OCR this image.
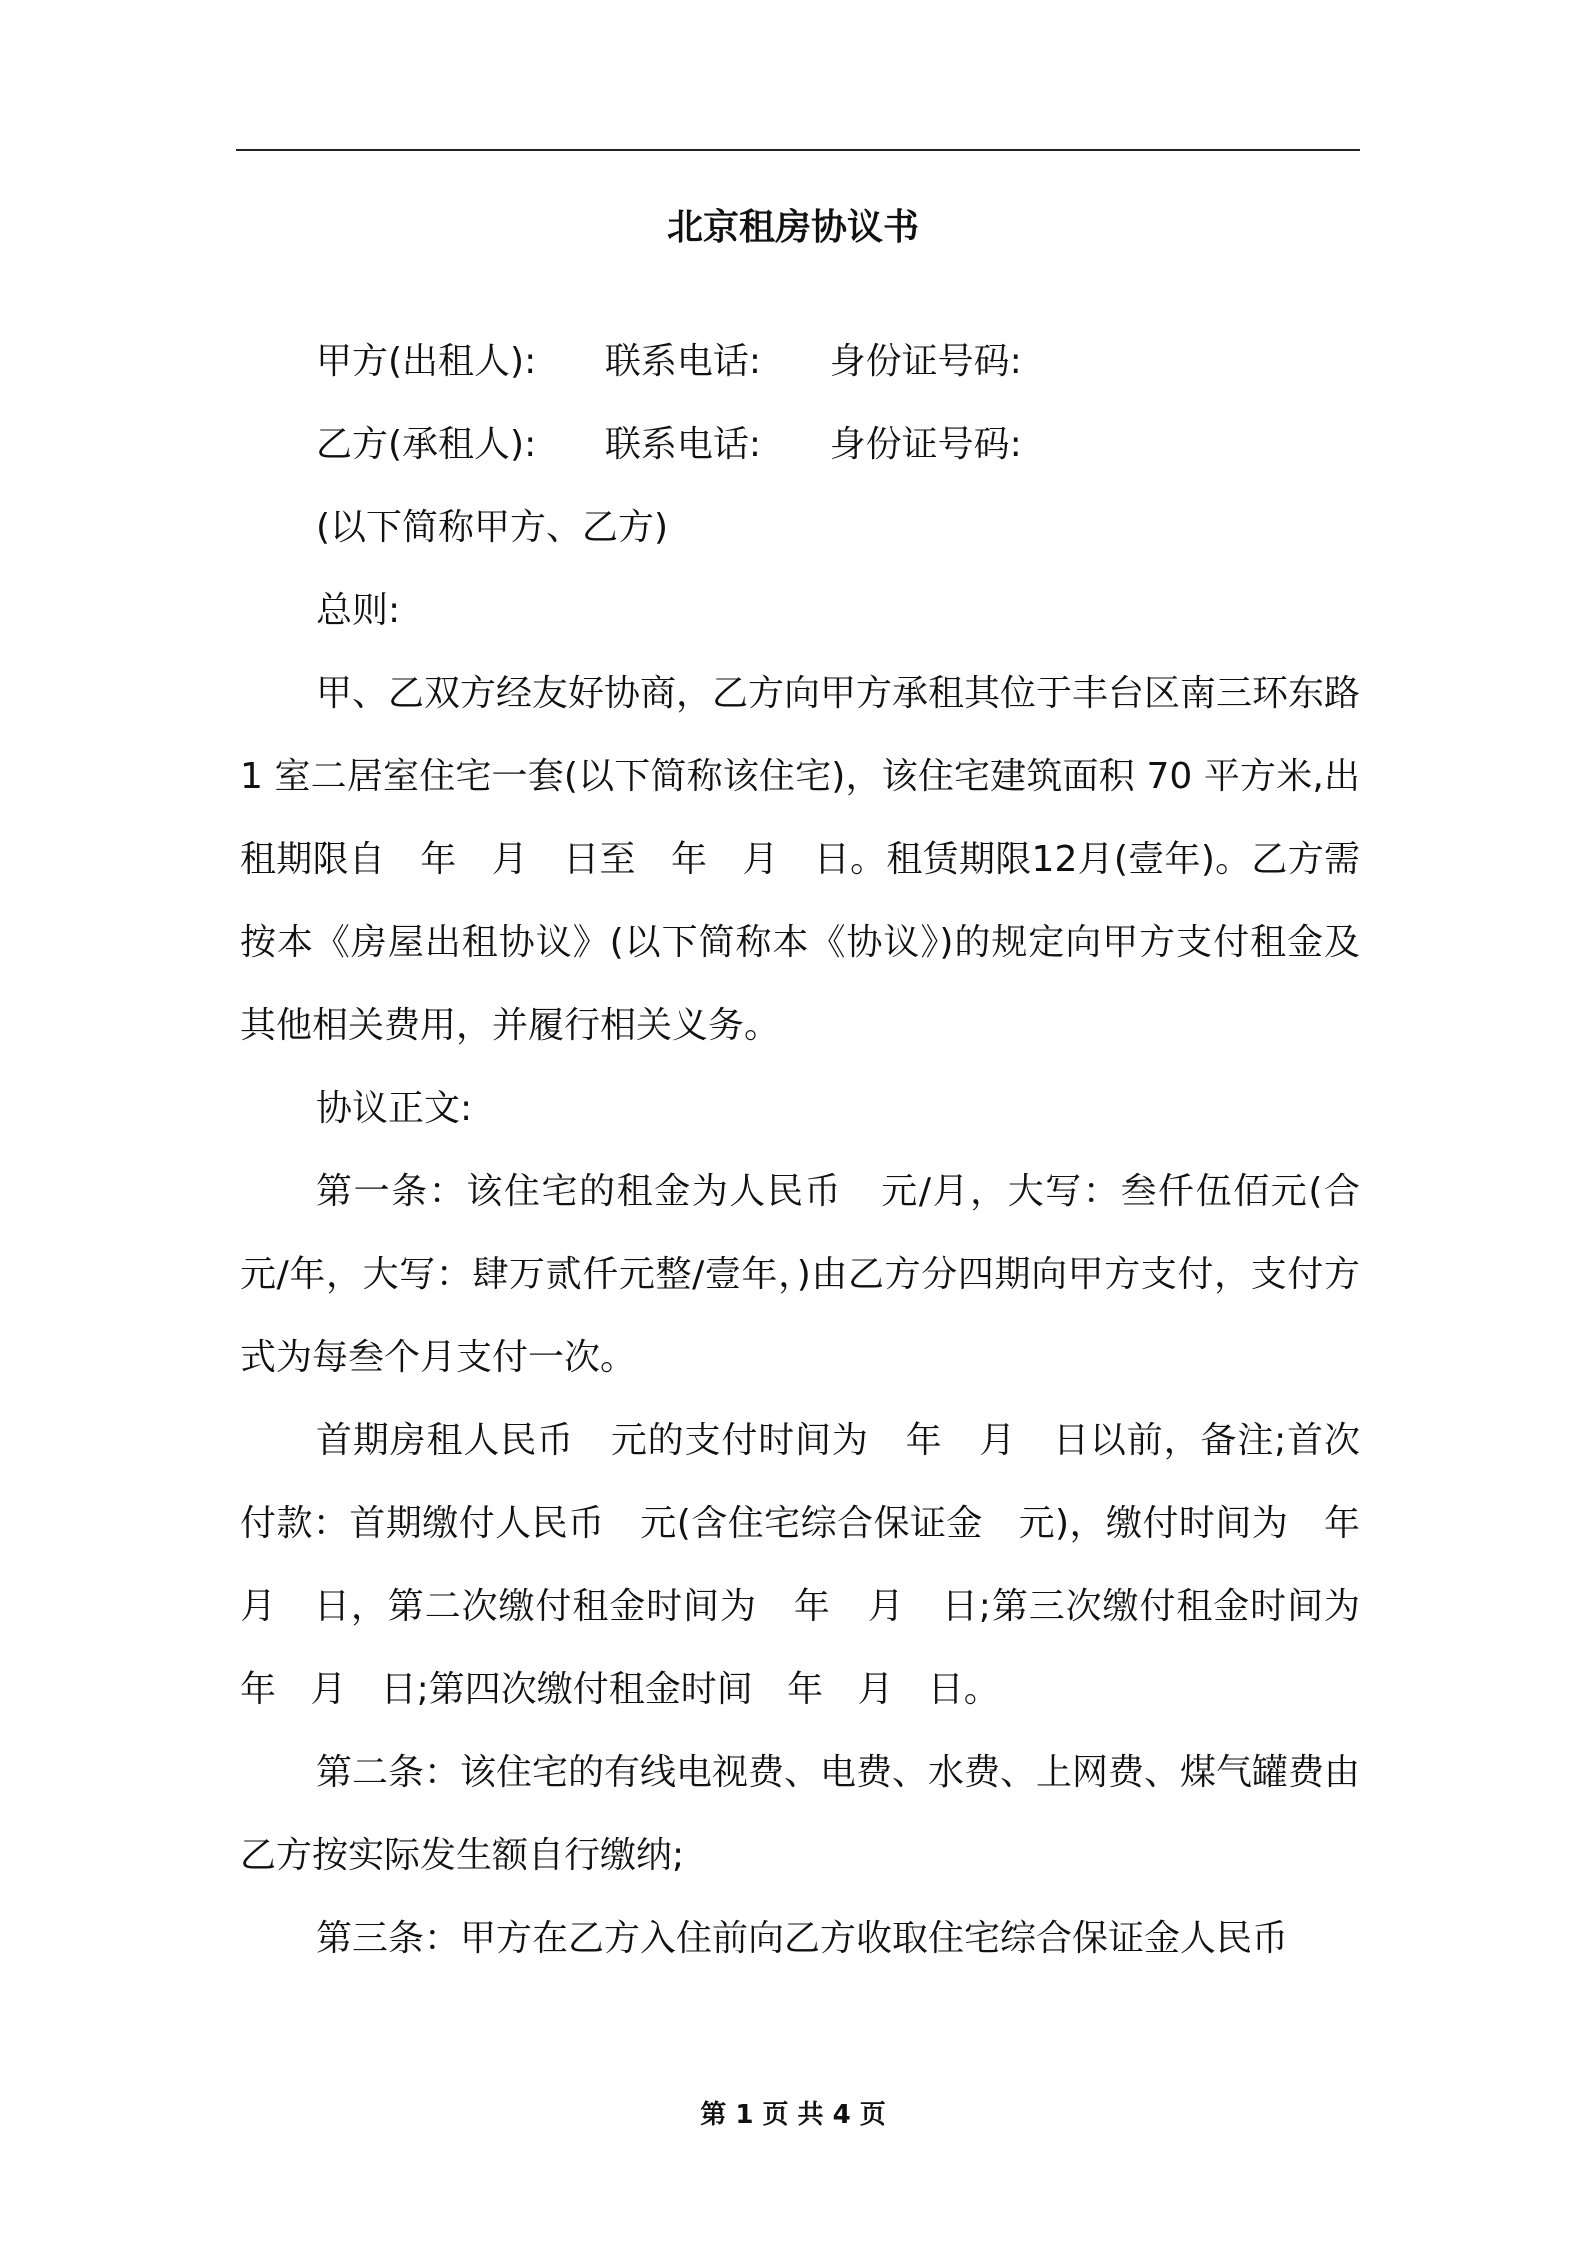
北京租房协议书

甲方(出租人):      联系电话:      身份证号码:

乙方(承租人):      联系电话:      身份证号码:

(以下简称甲方、乙方)

总则:

甲、乙双方经友好协商，乙方向甲方承租其位于丰台区南三环东路 1 室二居室住宅一套(以下简称该住宅)，该住宅建筑面积 70 平方米,出租期限自   年   月   日至   年   月   日。租赁期限12月(壹年)。乙方需按本《房屋出租协议》(以下简称本《协议》)的规定向甲方支付租金及其他相关费用，并履行相关义务。

协议正文:

第一条：该住宅的租金为人民币   元/月，大写：叁仟伍佰元(合   元/年，大写：肆万贰仟元整/壹年，)由乙方分四期向甲方支付，支付方式为每叁个月支付一次。

首期房租人民币   元的支付时间为   年   月   日以前，备注;首次付款：首期缴付人民币   元(含住宅综合保证金   元)，缴付时间为   年   月   日，第二次缴付租金时间为   年   月   日;第三次缴付租金时间为   年   月   日;第四次缴付租金时间   年   月   日。

第二条：该住宅的有线电视费、电费、水费、上网费、煤气罐费由乙方按实际发生额自行缴纳;

第三条：甲方在乙方入住前向乙方收取住宅综合保证金人民币

第 1 页 共 4 页
